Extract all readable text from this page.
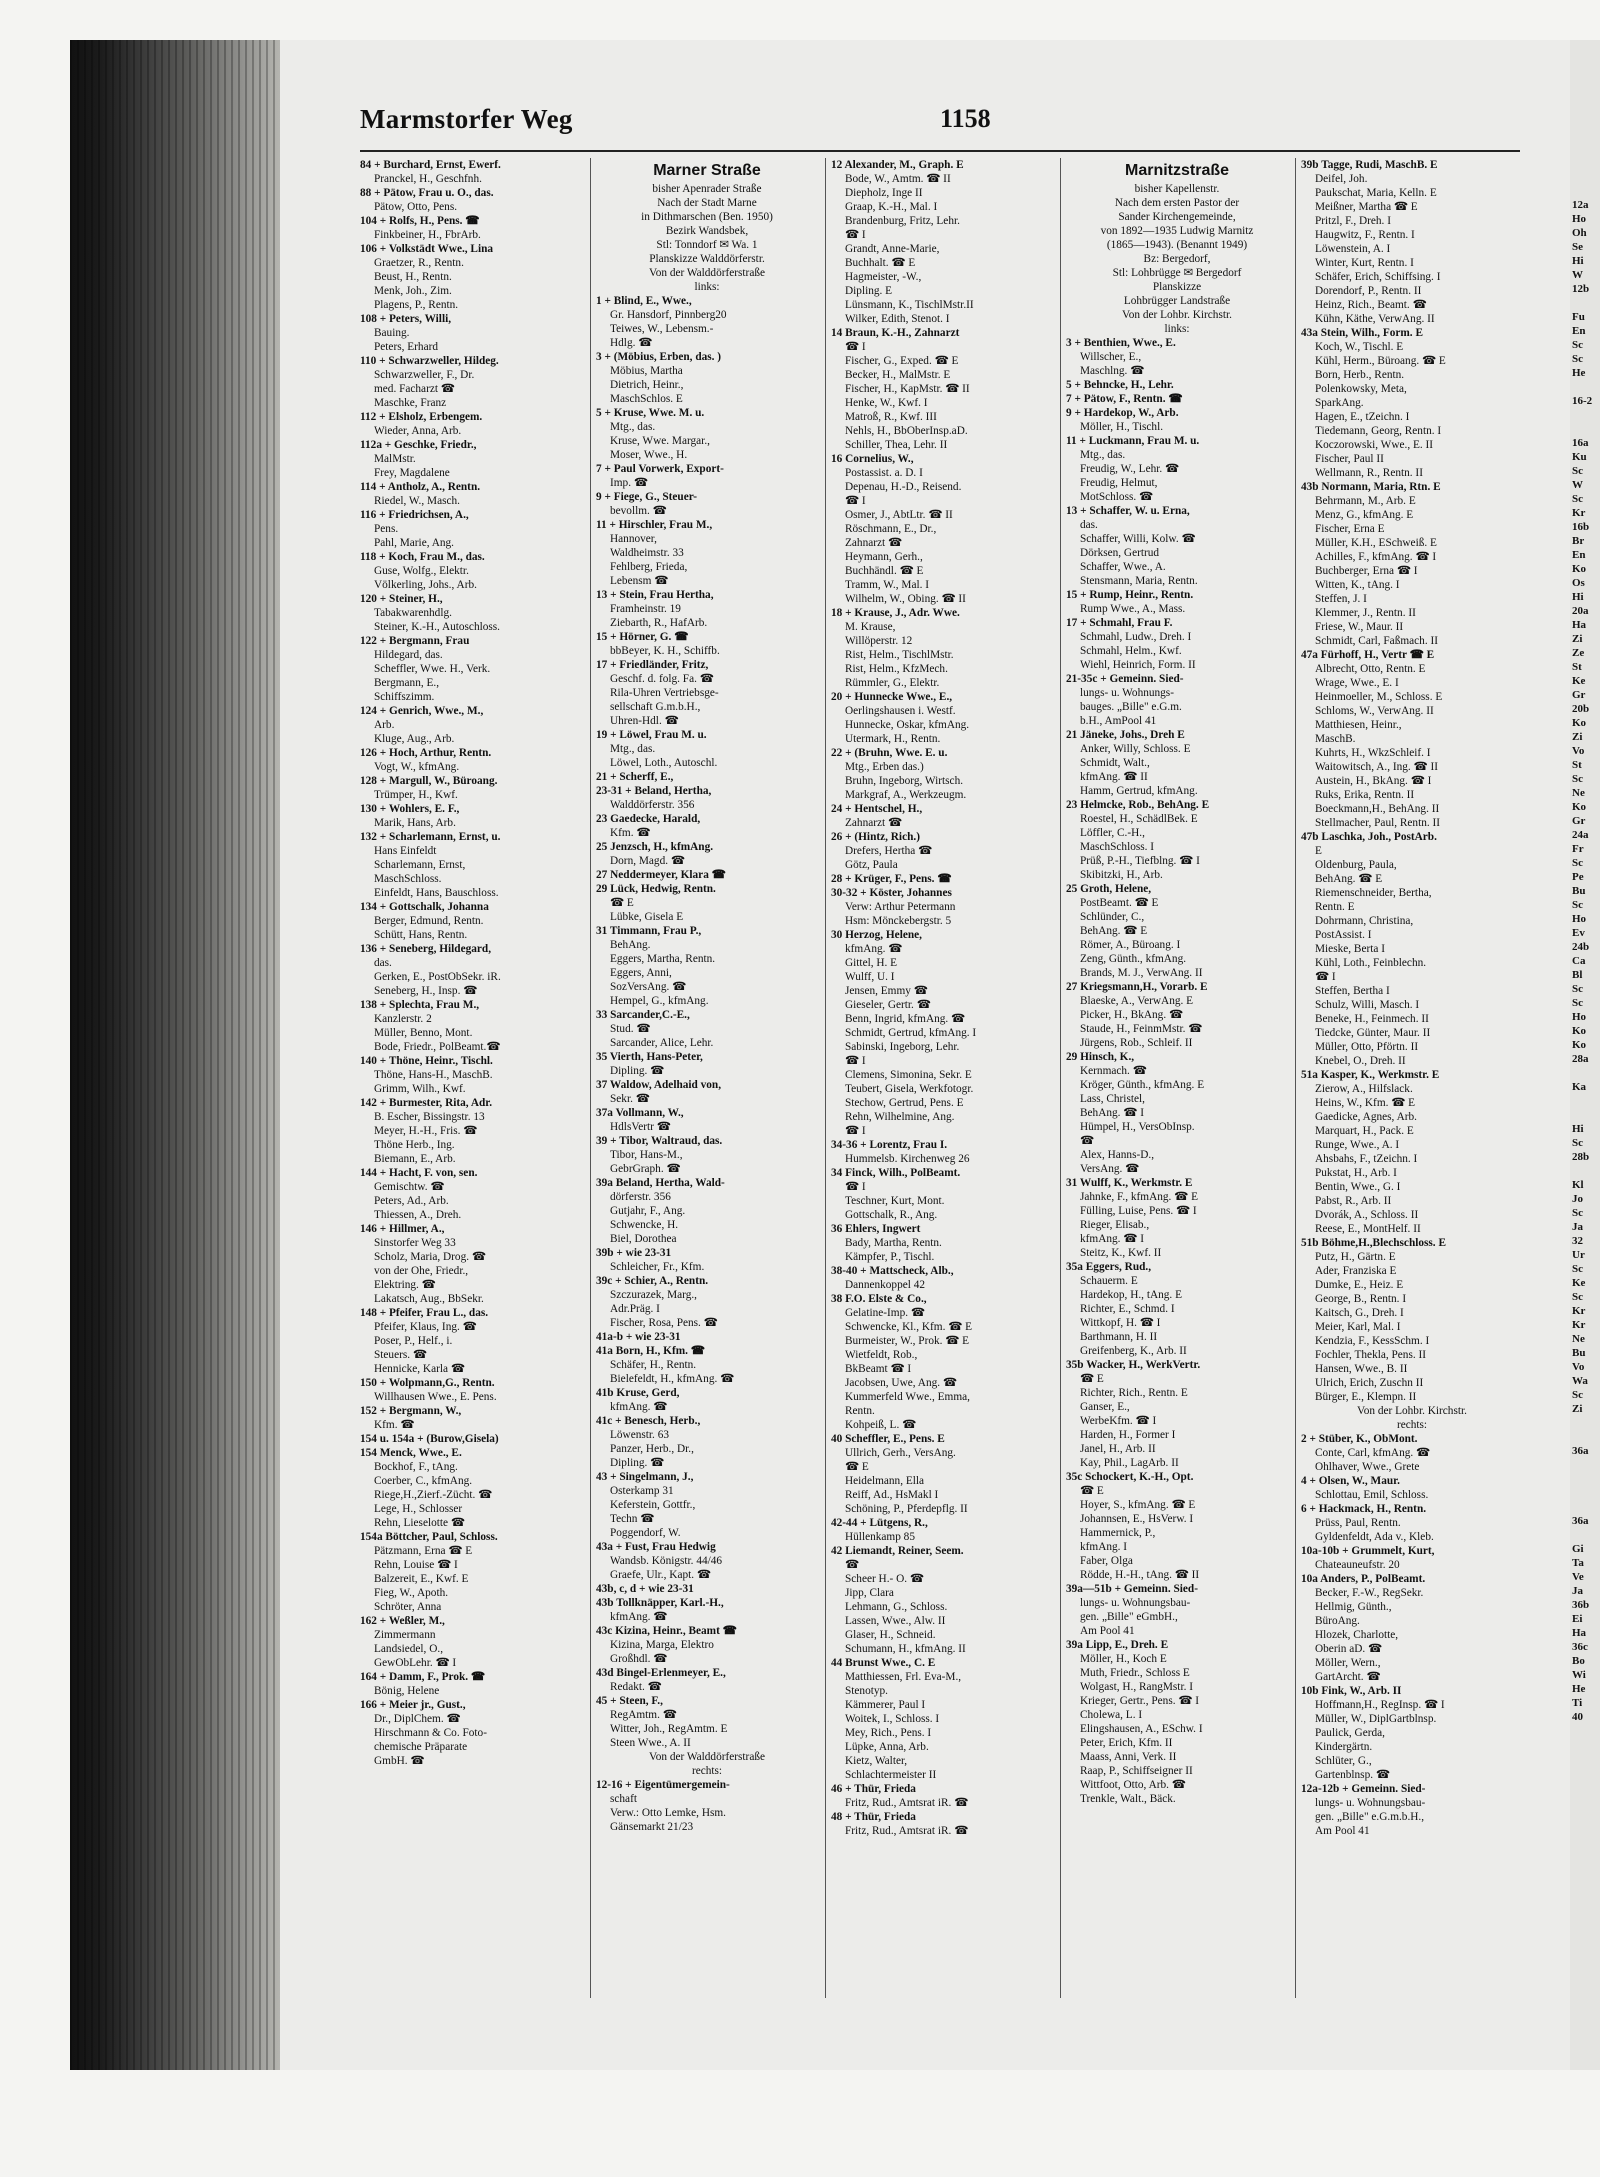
Marmstorfer Weg	1158
84 + Burchard, Ernst, Ewerf.
Pranckel, H., Geschfnh.
88 + Pätow, Frau u. O., das.
Pätow, Otto, Pens.
104 + Rolfs, H., Pens. ☎
Finkbeiner, H., FbrArb.
106 + Volkstädt Wwe., Lina
Graetzer, R., Rentn.
Beust, H., Rentn.
Menk, Joh., Zim.
Plagens, P., Rentn.
108 + Peters, Willi,
Bauing.
Peters, Erhard
110 + Schwarzweller, Hildeg.
Schwarzweller, F., Dr.
med. Facharzt ☎
Maschke, Franz
112 + Elsholz, Erbengem.
Wieder, Anna, Arb.
112a + Geschke, Friedr.,
MalMstr.
Frey, Magdalene
114 + Antholz, A., Rentn.
Riedel, W., Masch.
116 + Friedrichsen, A.,
Pens.
Pahl, Marie, Ang.
118 + Koch, Frau M., das.
Guse, Wolfg., Elektr.
Völkerling, Johs., Arb.
120 + Steiner, H.,
Tabakwarenhdlg.
Steiner, K.-H., Autoschloss.
122 + Bergmann, Frau
Hildegard, das.
Scheffler, Wwe. H., Verk.
Bergmann, E.,
Schiffszimm.
124 + Genrich, Wwe., M.,
Arb.
Kluge, Aug., Arb.
126 + Hoch, Arthur, Rentn.
Vogt, W., kfmAng.
128 + Margull, W., Büroang.
Trümper, H., Kwf.
130 + Wohlers, E. F.,
Marik, Hans, Arb.
132 + Scharlemann, Ernst, u.
Hans Einfeldt
Scharlemann, Ernst,
MaschSchloss.
Einfeldt, Hans, Bauschloss.
134 + Gottschalk, Johanna
Berger, Edmund, Rentn.
Schütt, Hans, Rentn.
136 + Seneberg, Hildegard,
das.
Gerken, E., PostObSekr. iR.
Seneberg, H., Insp. ☎
138 + Splechta, Frau M.,
Kanzlerstr. 2
Müller, Benno, Mont.
Bode, Friedr., PolBeamt.☎
140 + Thöne, Heinr., Tischl.
Thöne, Hans-H., MaschB.
Grimm, Wilh., Kwf.
142 + Burmester, Rita, Adr.
B. Escher, Bissingstr. 13
Meyer, H.-H., Fris. ☎
Thöne Herb., Ing.
Biemann, E., Arb.
144 + Hacht, F. von, sen.
Gemischtw. ☎
Peters, Ad., Arb.
Thiessen, A., Dreh.
146 + Hillmer, A.,
Sinstorfer Weg 33
Scholz, Maria, Drog. ☎
von der Ohe, Friedr.,
Elektring. ☎
Lakatsch, Aug., BbSekr.
148 + Pfeifer, Frau L., das.
Pfeifer, Klaus, Ing. ☎
Poser, P., Helf., i.
Steuers. ☎
Hennicke, Karla ☎
150 + Wolpmann,G., Rentn.
Willhausen Wwe., E. Pens.
152 + Bergmann, W.,
Kfm. ☎
154 u. 154a + (Burow,Gisela)
154 Menck, Wwe., E.
Bockhof, F., tAng.
Coerber, C., kfmAng.
Riege,H.,Zierf.-Zücht. ☎
Lege, H., Schlosser
Rehn, Lieselotte ☎
154a Böttcher, Paul, Schloss.
Pätzmann, Erna ☎ E
Rehn, Louise ☎ I
Balzereit, E., Kwf. E
Fieg, W., Apoth.
Schröter, Anna
162 + Weßler, M.,
Zimmermann
Landsiedel, O.,
GewObLehr. ☎ I
164 + Damm, F., Prok. ☎
Bönig, Helene
166 + Meier jr., Gust.,
Dr., DiplChem. ☎
Hirschmann & Co. Foto-
chemische Präparate
GmbH. ☎
Marner Straße
bisher Apenrader Straße
Nach der Stadt Marne
in Dithmarschen (Ben. 1950)
Bezirk Wandsbek,
Stl: Tonndorf ✉ Wa. 1
Planskizze Walddörferstr.
Von der Walddörferstraße
links:
1 + Blind, E., Wwe.,
Gr. Hansdorf, Pinnberg20
Teiwes, W., Lebensm.-
Hdlg. ☎
3 + (Möbius, Erben, das. )
Möbius, Martha
Dietrich, Heinr.,
MaschSchlos. E
5 + Kruse, Wwe. M. u.
Mtg., das.
Kruse, Wwe. Margar.,
Moser, Wwe., H.
7 + Paul Vorwerk, Export-
Imp. ☎
9 + Fiege, G., Steuer-
bevollm. ☎
11 + Hirschler, Frau M.,
Hannover,
Waldheimstr. 33
Fehlberg, Frieda,
Lebensm ☎
13 + Stein, Frau Hertha,
Framheinstr. 19
Ziebarth, R., HafArb.
15 + Hörner, G. ☎
bbBeyer, K. H., Schiffb.
17 + Friedländer, Fritz,
Geschf. d. folg. Fa. ☎
Rila-Uhren Vertriebsge-
sellschaft G.m.b.H.,
Uhren-Hdl. ☎
19 + Löwel, Frau M. u.
Mtg., das.
Löwel, Loth., Autoschl.
21 + Scherff, E.,
23-31 + Beland, Hertha,
Walddörferstr. 356
23 Gaedecke, Harald,
Kfm. ☎
25 Jenzsch, H., kfmAng.
Dorn, Magd. ☎
27 Neddermeyer, Klara ☎
29 Lück, Hedwig, Rentn.
☎ E
Lübke, Gisela E
31 Timmann, Frau P.,
BehAng.
Eggers, Martha, Rentn.
Eggers, Anni,
SozVersAng. ☎
Hempel, G., kfmAng.
33 Sarcander,C.-E.,
Stud. ☎
Sarcander, Alice, Lehr.
35 Vierth, Hans-Peter,
Dipling. ☎
37 Waldow, Adelhaid von,
Sekr. ☎
37a Vollmann, W.,
HdlsVertr ☎
39 + Tibor, Waltraud, das.
Tibor, Hans-M.,
GebrGraph. ☎
39a Beland, Hertha, Wald-
dörferstr. 356
Gutjahr, F., Ang.
Schwencke, H.
Biel, Dorothea
39b + wie 23-31
Schleicher, Fr., Kfm.
39c + Schier, A., Rentn.
Szczurazek, Marg.,
Adr.Präg. I
Fischer, Rosa, Pens. ☎
41a-b + wie 23-31
41a Born, H., Kfm. ☎
Schäfer, H., Rentn.
Bielefeldt, H., kfmAng. ☎
41b Kruse, Gerd,
kfmAng. ☎
41c + Benesch, Herb.,
Löwenstr. 63
Panzer, Herb., Dr.,
Dipling. ☎
43 + Singelmann, J.,
Osterkamp 31
Keferstein, Gottfr.,
Techn ☎
Poggendorf, W.
43a + Fust, Frau Hedwig
Wandsb. Königstr. 44/46
Graefe, Ulr., Kapt. ☎
43b, c, d + wie 23-31
43b Tollknäpper, Karl.-H.,
kfmAng. ☎
43c Kizina, Heinr., Beamt ☎
Kizina, Marga, Elektro
Großhdl. ☎
43d Bingel-Erlenmeyer, E.,
Redakt. ☎
45 + Steen, F.,
RegAmtm. ☎
Witter, Joh., RegAmtm. E
Steen Wwe., A. II
Von der Walddörferstraße
rechts:
12-16 + Eigentümergemein-
schaft
Verw.: Otto Lemke, Hsm.
Gänsemarkt 21/23
12 Alexander, M., Graph. E
Bode, W., Amtm. ☎ II
Diepholz, Inge II
Graap, K.-H., Mal. I
Brandenburg, Fritz, Lehr.
☎ I
Grandt, Anne-Marie,
Buchhalt. ☎ E
Hagmeister, -W.,
Dipling. E
Lünsmann, K., TischlMstr.II
Wilker, Edith, Stenot. I
14 Braun, K.-H., Zahnarzt
☎ I
Fischer, G., Exped. ☎ E
Becker, H., MalMstr. E
Fischer, H., KapMstr. ☎ II
Henke, W., Kwf. I
Matroß, R., Kwf. III
Nehls, H., BbOberInsp.aD.
Schiller, Thea, Lehr. II
16 Cornelius, W.,
Postassist. a. D. I
Depenau, H.-D., Reisend.
☎ I
Osmer, J., AbtLtr. ☎ II
Röschmann, E., Dr.,
Zahnarzt ☎
Heymann, Gerh.,
Buchhändl. ☎ E
Tramm, W., Mal. I
Wilhelm, W., Obing. ☎ II
18 + Krause, J., Adr. Wwe.
M. Krause,
Willöperstr. 12
Rist, Helm., TischlMstr.
Rist, Helm., KfzMech.
Rümmler, G., Elektr.
20 + Hunnecke Wwe., E.,
Oerlingshausen i. Westf.
Hunnecke, Oskar, kfmAng.
Utermark, H., Rentn.
22 + (Bruhn, Wwe. E. u.
Mtg., Erben das.)
Bruhn, Ingeborg, Wirtsch.
Markgraf, A., Werkzeugm.
24 + Hentschel, H.,
Zahnarzt ☎
26 + (Hintz, Rich.)
Drefers, Hertha ☎
Götz, Paula
28 + Krüger, F., Pens. ☎
30-32 + Köster, Johannes
Verw: Arthur Petermann
Hsm: Mönckebergstr. 5
30 Herzog, Helene,
kfmAng. ☎
Gittel, H. E
Wulff, U. I
Jensen, Emmy ☎
Gieseler, Gertr. ☎
Benn, Ingrid, kfmAng. ☎
Schmidt, Gertrud, kfmAng. I
Sabinski, Ingeborg, Lehr.
☎ I
Clemens, Simonina, Sekr. E
Teubert, Gisela, Werkfotogr.
Stechow, Gertrud, Pens. E
Rehn, Wilhelmine, Ang.
☎ I
34-36 + Lorentz, Frau I.
Hummelsb. Kirchenweg 26
34 Finck, Wilh., PolBeamt.
☎ I
Teschner, Kurt, Mont.
Gottschalk, R., Ang.
36 Ehlers, Ingwert
Bady, Martha, Rentn.
Kämpfer, P., Tischl.
38-40 + Mattscheck, Alb.,
Dannenkoppel 42
38 F.O. Elste & Co.,
Gelatine-Imp. ☎
Schwencke, Kl., Kfm. ☎ E
Burmeister, W., Prok. ☎ E
Wietfeldt, Rob.,
BkBeamt ☎ I
Jacobsen, Uwe, Ang. ☎
Kummerfeld Wwe., Emma,
Rentn.
Kohpeiß, L. ☎
40 Scheffler, E., Pens. E
Ullrich, Gerh., VersAng.
☎ E
Heidelmann, Ella
Reiff, Ad., HsMakl I
Schöning, P., Pferdepflg. II
42-44 + Lütgens, R.,
Hüllenkamp 85
42 Liemandt, Reiner, Seem.
☎
Scheer H.- O. ☎
Jipp, Clara
Lehmann, G., Schloss.
Lassen, Wwe., Alw. II
Glaser, H., Schneid.
Schumann, H., kfmAng. II
44 Brunst Wwe., C. E
Matthiessen, Frl. Eva-M.,
Stenotyp.
Kämmerer, Paul I
Woitek, I., Schloss. I
Mey, Rich., Pens. I
Lüpke, Anna, Arb.
Kietz, Walter,
Schlachtermeister II
46 + Thür, Frieda
Fritz, Rud., Amtsrat iR. ☎
48 + Thür, Frieda
Fritz, Rud., Amtsrat iR. ☎
Marnitzstraße
bisher Kapellenstr.
Nach dem ersten Pastor der
Sander Kirchengemeinde,
von 1892—1935 Ludwig Marnitz
(1865—1943). (Benannt 1949)
Bz: Bergedorf,
Stl: Lohbrügge ✉ Bergedorf
Planskizze
Lohbrügger Landstraße
Von der Lohbr. Kirchstr.
links:
3 + Benthien, Wwe., E.
Willscher, E.,
Maschlng. ☎
5 + Behncke, H., Lehr.
7 + Pätow, F., Rentn. ☎
9 + Hardekop, W., Arb.
Möller, H., Tischl.
11 + Luckmann, Frau M. u.
Mtg., das.
Freudig, W., Lehr. ☎
Freudig, Helmut,
MotSchloss. ☎
13 + Schaffer, W. u. Erna,
das.
Schaffer, Willi, Kolw. ☎
Dörksen, Gertrud
Schaffer, Wwe., A.
Stensmann, Maria, Rentn.
15 + Rump, Heinr., Rentn.
Rump Wwe., A., Mass.
17 + Schmahl, Frau F.
Schmahl, Ludw., Dreh. I
Schmahl, Helm., Kwf.
Wiehl, Heinrich, Form. II
21-35c + Gemeinn. Sied-
lungs- u. Wohnungs-
bauges. „Bille" e.G.m.
b.H., AmPool 41
21 Jäneke, Johs., Dreh E
Anker, Willy, Schloss. E
Schmidt, Walt.,
kfmAng. ☎ II
Hamm, Gertrud, kfmAng.
23 Helmcke, Rob., BehAng. E
Roestel, H., SchädlBek. E
Löffler, C.-H.,
MaschSchloss. I
Prüß, P.-H., Tiefblng. ☎ I
Skibitzki, H., Arb.
25 Groth, Helene,
PostBeamt. ☎ E
Schlünder, C.,
BehAng. ☎ E
Römer, A., Büroang. I
Zeng, Günth., kfmAng.
Brands, M. J., VerwAng. II
27 Kriegsmann,H., Vorarb. E
Blaeske, A., VerwAng. E
Picker, H., BkAng. ☎
Staude, H., FeinmMstr. ☎
Jürgens, Rob., Schleif. II
29 Hinsch, K.,
Kernmach. ☎
Kröger, Günth., kfmAng. E
Lass, Christel,
BehAng. ☎ I
Hümpel, H., VersObInsp.
☎
Alex, Hanns-D.,
VersAng. ☎
31 Wulff, K., Werkmstr. E
Jahnke, F., kfmAng. ☎ E
Fülling, Luise, Pens. ☎ I
Rieger, Elisab.,
kfmAng. ☎ I
Steitz, K., Kwf. II
35a Eggers, Rud.,
Schauerm. E
Hardekop, H., tAng. E
Richter, E., Schmd. I
Wittkopf, H. ☎ I
Barthmann, H. II
Greifenberg, K., Arb. II
35b Wacker, H., WerkVertr.
☎ E
Richter, Rich., Rentn. E
Ganser, E.,
WerbeKfm. ☎ I
Harden, H., Former I
Janel, H., Arb. II
Kay, Phil., LagArb. II
35c Schockert, K.-H., Opt.
☎ E
Hoyer, S., kfmAng. ☎ E
Johannsen, E., HsVerw. I
Hammernick, P.,
kfmAng. I
Faber, Olga
Rödde, H.-H., tAng. ☎ II
39a—51b + Gemeinn. Sied-
lungs- u. Wohnungsbau-
gen. „Bille" eGmbH.,
Am Pool 41
39a Lipp, E., Dreh. E
Möller, H., Koch E
Muth, Friedr., Schloss E
Wolgast, H., RangMstr. I
Krieger, Gertr., Pens. ☎ I
Cholewa, L. I
Elingshausen, A., ESchw. I
Peter, Erich, Kfm. II
Maass, Anni, Verk. II
Raap, P., Schiffseigner II
Wittfoot, Otto, Arb. ☎
Trenkle, Walt., Bäck.
39b Tagge, Rudi, MaschB. E
Deifel, Joh.
Paukschat, Maria, Kelln. E
Meißner, Martha ☎ E
Pritzl, F., Dreh. I
Haugwitz, F., Rentn. I
Löwenstein, A. I
Winter, Kurt, Rentn. I
Schäfer, Erich, Schiffsing. I
Dorendorf, P., Rentn. II
Heinz, Rich., Beamt. ☎
Kühn, Käthe, VerwAng. II
43a Stein, Wilh., Form. E
Koch, W., Tischl. E
Kühl, Herm., Büroang. ☎ E
Born, Herb., Rentn.
Polenkowsky, Meta,
SparkAng.
Hagen, E., tZeichn. I
Tiedemann, Georg, Rentn. I
Koczorowski, Wwe., E. II
Fischer, Paul II
Wellmann, R., Rentn. II
43b Normann, Maria, Rtn. E
Behrmann, M., Arb. E
Menz, G., kfmAng. E
Fischer, Erna E
Müller, K.H., ESchweiß. E
Achilles, F., kfmAng. ☎ I
Buchberger, Erna ☎ I
Witten, K., tAng. I
Steffen, J. I
Klemmer, J., Rentn. II
Friese, W., Maur. II
Schmidt, Carl, Faßmach. II
47a Fürhoff, H., Vertr ☎ E
Albrecht, Otto, Rentn. E
Wrage, Wwe., E. I
Heinmoeller, M., Schloss. E
Schloms, W., VerwAng. II
Matthiesen, Heinr.,
MaschB.
Kuhrts, H., WkzSchleif. I
Waitowitsch, A., Ing. ☎ II
Austein, H., BkAng. ☎ I
Ruks, Erika, Rentn. II
Boeckmann,H., BehAng. II
Stellmacher, Paul, Rentn. II
47b Laschka, Joh., PostArb.
E
Oldenburg, Paula,
BehAng. ☎ E
Riemenschneider, Bertha,
Rentn. E
Dohrmann, Christina,
PostAssist. I
Mieske, Berta I
Kühl, Loth., Feinblechn.
☎ I
Steffen, Bertha I
Schulz, Willi, Masch. I
Beneke, H., Feinmech. II
Tiedcke, Günter, Maur. II
Müller, Otto, Pförtn. II
Knebel, O., Dreh. II
51a Kasper, K., Werkmstr. E
Zierow, A., Hilfslack.
Heins, W., Kfm. ☎ E
Gaedicke, Agnes, Arb.
Marquart, H., Pack. E
Runge, Wwe., A. I
Ahsbahs, F., tZeichn. I
Pukstat, H., Arb. I
Bentin, Wwe., G. I
Pabst, R., Arb. II
Dvorák, A., Schloss. II
Reese, E., MontHelf. II
51b Böhme,H.,Blechschloss. E
Putz, H., Gärtn. E
Ader, Franziska E
Dumke, E., Heiz. E
George, B., Rentn. I
Kaitsch, G., Dreh. I
Meier, Karl, Mal. I
Kendzia, F., KessSchm. I
Fochler, Thekla, Pens. II
Hansen, Wwe., B. II
Ulrich, Erich, Zuschn II
Bürger, E., Klempn. II
Von der Lohbr. Kirchstr.
rechts:
2 + Stüber, K., ObMont.
Conte, Carl, kfmAng. ☎
Ohlhaver, Wwe., Grete
4 + Olsen, W., Maur.
Schlottau, Emil, Schloss.
6 + Hackmack, H., Rentn.
Prüss, Paul, Rentn.
Gyldenfeldt, Ada v., Kleb.
10a-10b + Grummelt, Kurt,
Chateauneufstr. 20
10a Anders, P., PolBeamt.
Becker, F.-W., RegSekr.
Hellmig, Günth.,
BüroAng.
Hlozek, Charlotte,
Oberin aD. ☎
Möller, Wern.,
GartArcht. ☎
10b Fink, W., Arb. II
Hoffmann,H., RegInsp. ☎ I
Müller, W., DiplGartblnsp.
Paulick, Gerda,
Kindergärtn.
Schlüter, G.,
Gartenblnsp. ☎
12a-12b + Gemeinn. Sied-
lungs- u. Wohnungsbau-
gen. „Bille" e.G.m.b.H.,
Am Pool 41
12a
Ho
Oh
Se
Hi
W
12b

Fu
En
Sc
Sc
He

16-2

16a
Ku
Sc
W
Sc
Kr
16b
Br
En
Ko
Os
Hi
20a
Ha
Zi
Ze
St
Ke
Gr
20b
Ko
Zi
Vo
St
Sc
Ne
Ko
Gr
24a
Fr
Sc
Pe
Bu
Sc
Ho
Ev
24b
Ca
Bl
Sc
Sc
Ho
Ko
Ko
28a

Ka

Hi
Sc
28b

Kl
Jo
Sc
Ja
32
Ur
Sc
Ke
Sc
Kr
Kr
Ne
Bu
Vo
Wa
Sc
Zi

36a

36a

Gi
Ta
Ve
Ja
36b
Ei
Ha
36c
Bo
Wi
He
Ti
40
